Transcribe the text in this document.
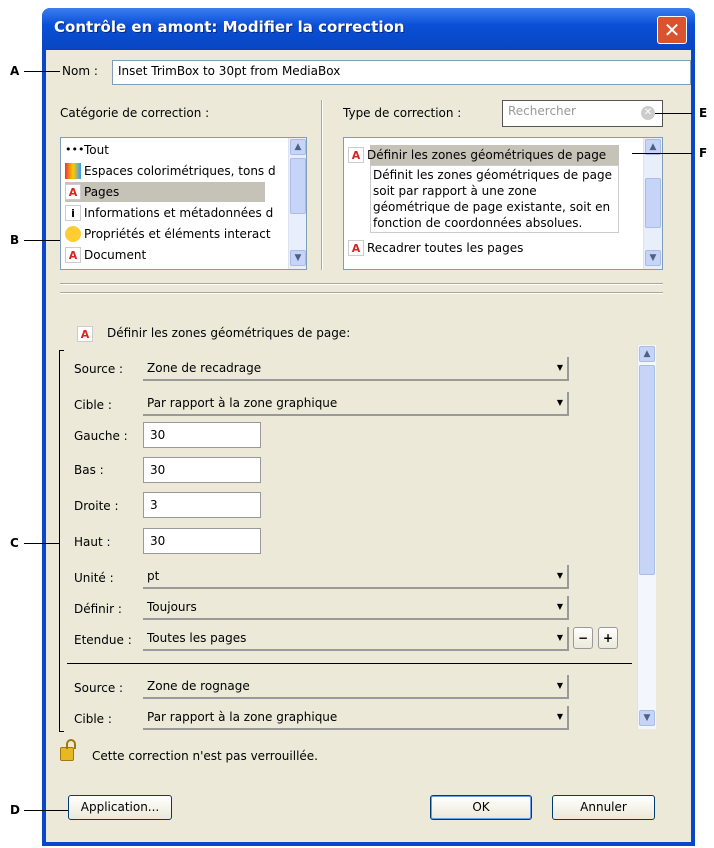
Contrôle en amont: Modifier la correction	✕
Nom :	Inset TrimBox to 30pt from MediaBox
Catégorie de correction :
••• Tout
Espaces colorimétriques, tons d
A Pages
i Informations et métadonnées d
Propriétés et éléments interact
A Document
▲
▼
Type de correction :	Rechercher	✕
A Définir les zones géométriques de page
Définit les zones géométriques de page soit par rapport à une zone géométrique de page existante, soit en fonction de coordonnées absolues.
A Recadrer toutes les pages
▲
▼
A	Définir les zones géométriques de page:
Source :	Zone de recadrage	▼
Cible :	Par rapport à la zone graphique	▼
Gauche :	30
Bas :	30
Droite :	3
Haut :	30
Unité :	pt	▼
Définir :	Toujours	▼
Etendue :	Toutes les pages	▼	−	+
Source :	Zone de rognage	▼
Cible :	Par rapport à la zone graphique	▼
▲
▼
Cette correction n'est pas verrouillée.
Application...	OK	Annuler
A
B
C
D
E
F
